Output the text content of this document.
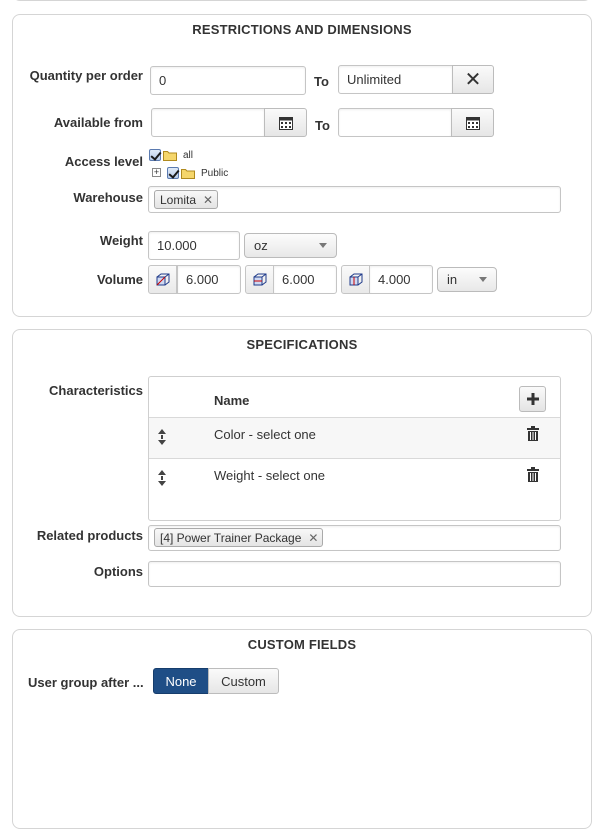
RESTRICTIONS AND DIMENSIONS
Quantity per order	0	To	Unlimited	✕
Available from	To
Access level	all
+	Public
Warehouse Lomita ✕
Weight	10.000	oz
Volume	6.000	6.000	4.000	in
SPECIFICATIONS
Characteristics
Name
Color - select one
Weight - select one
Related products [4] Power Trainer Package ✕
Options
CUSTOM FIELDS
User group after ...	None	Custom
